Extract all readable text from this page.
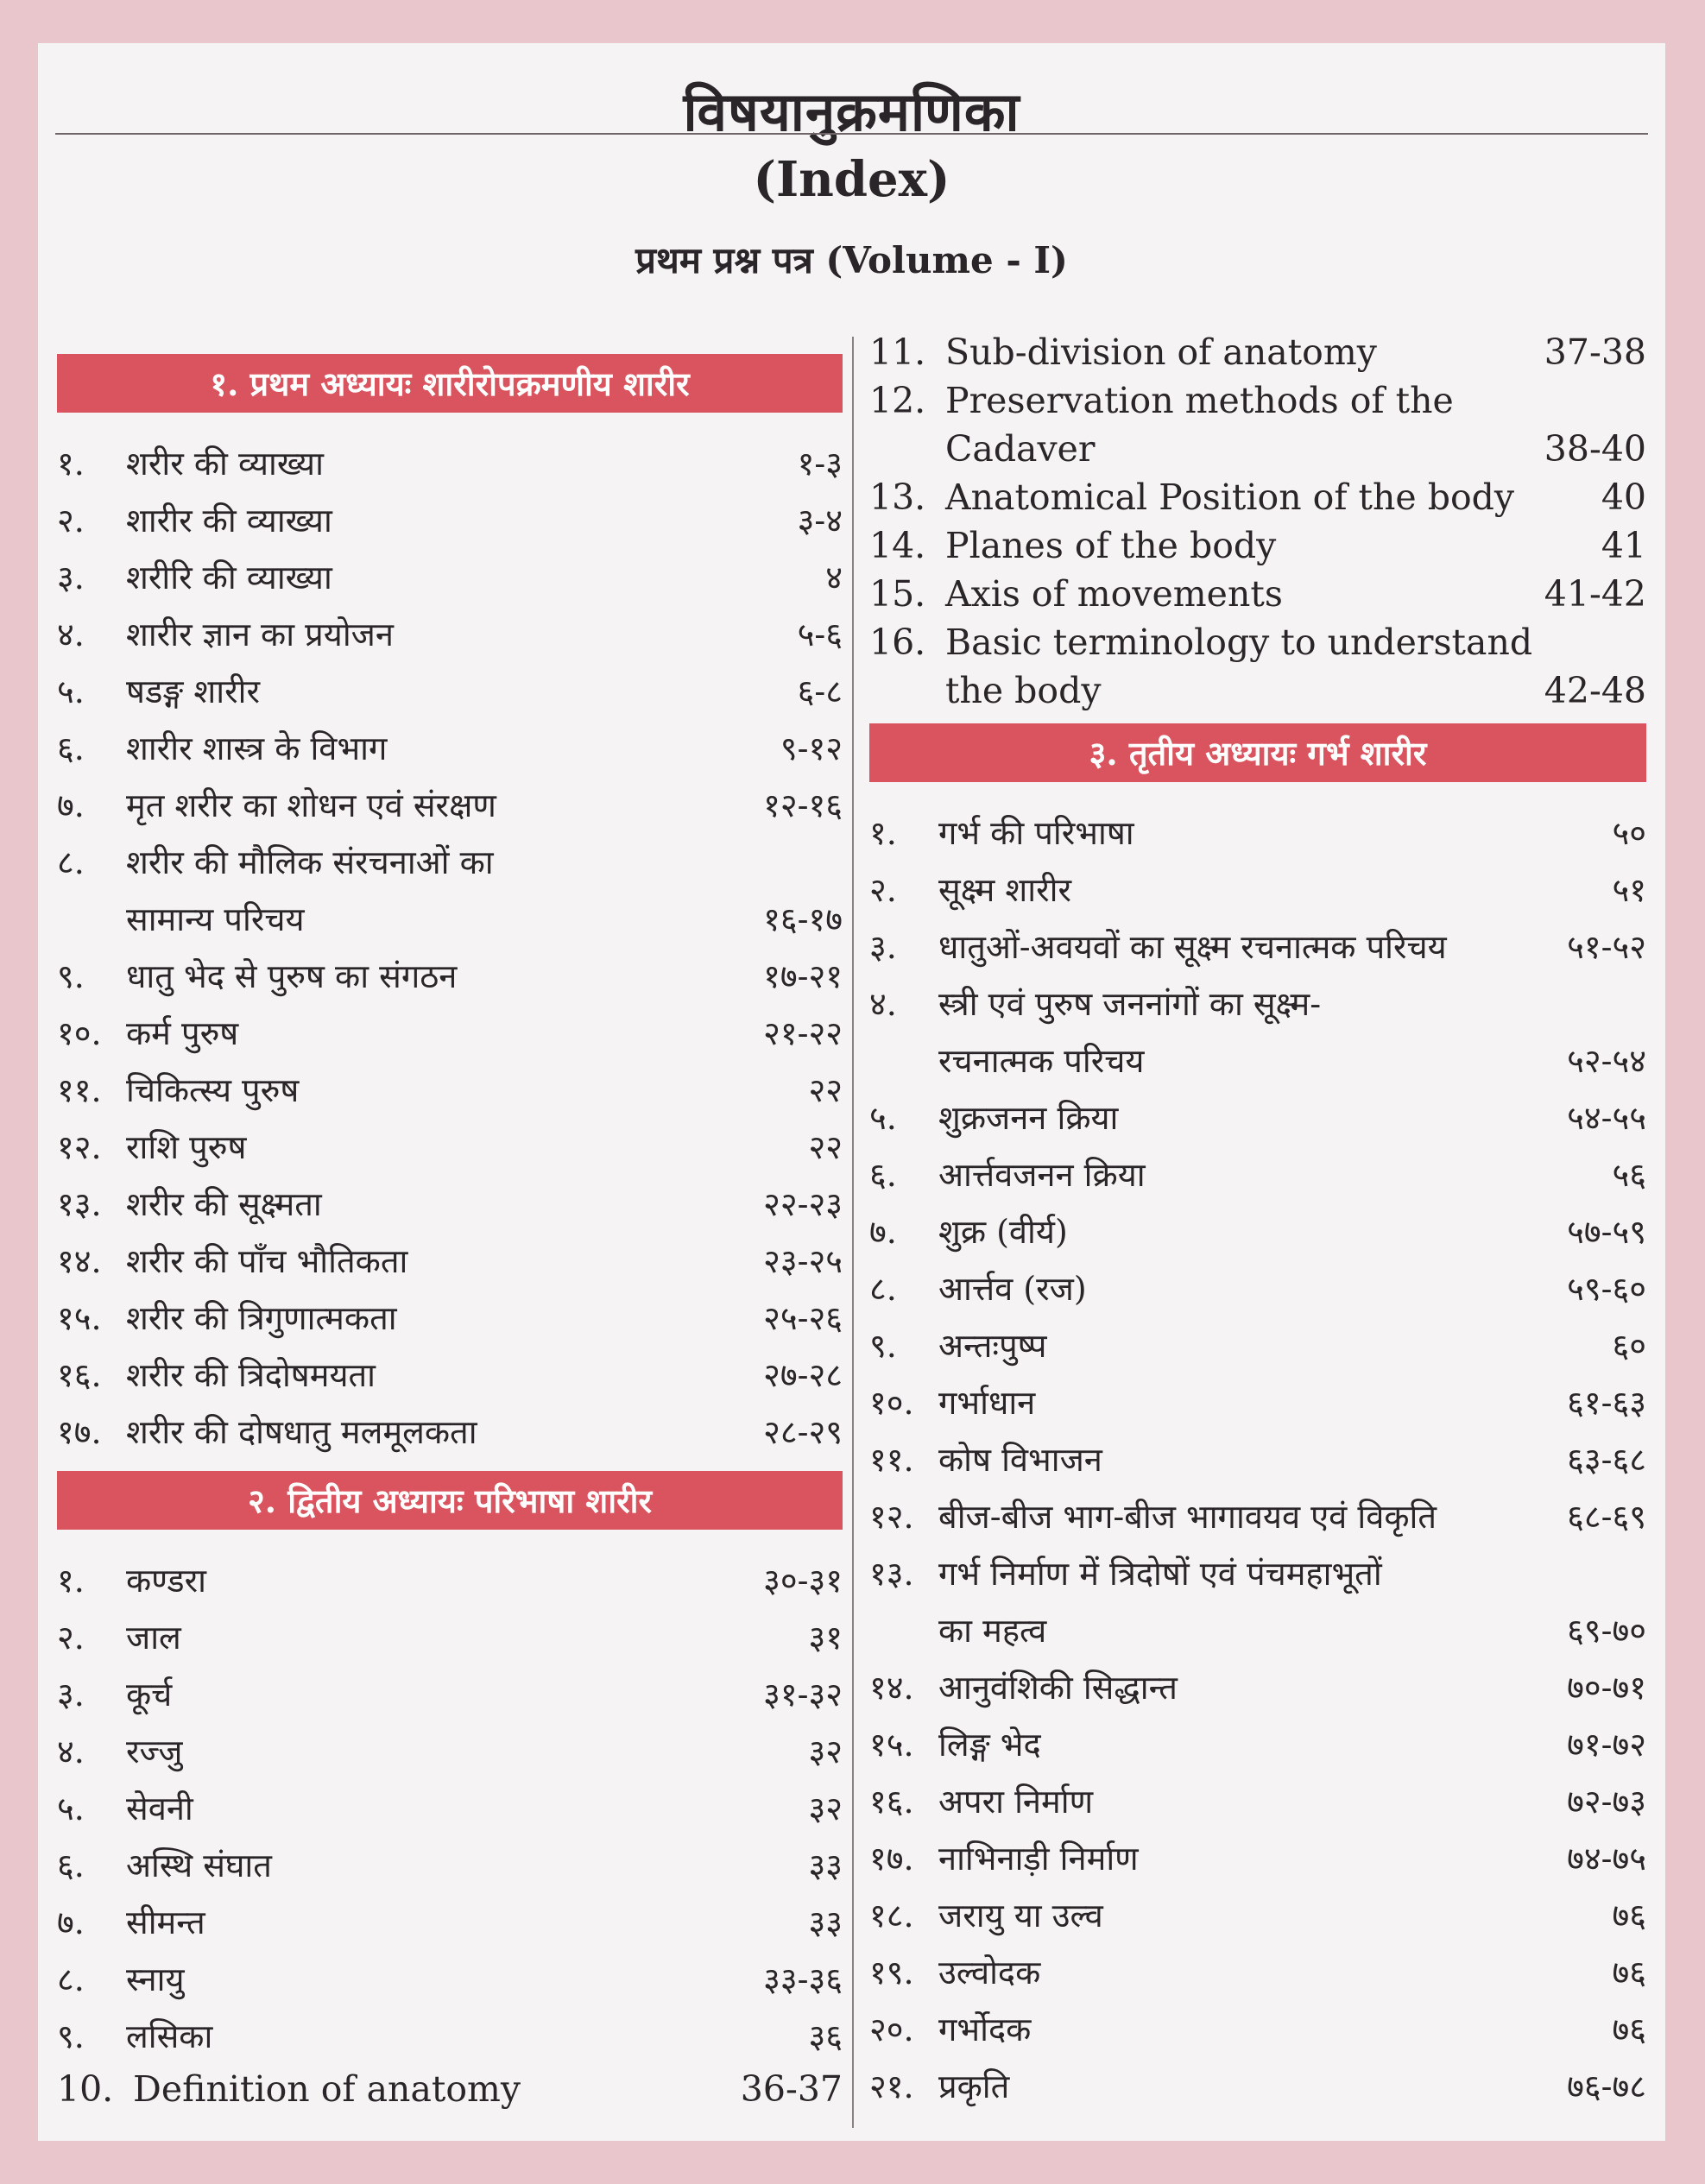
विषयानुक्रमणिका
(Index)
प्रथम प्रश्न पत्र (Volume - I)
१. प्रथम अध्यायः शारीरोपक्रमणीय शारीर
१.	शरीर की व्याख्या	१-३
२.	शारीर की व्याख्या	३-४
३.	शरीरि की व्याख्या	४
४.	शारीर ज्ञान का प्रयोजन	५-६
५.	षडङ्ग शारीर	६-८
६.	शारीर शास्त्र के विभाग	९-१२
७.	मृत शरीर का शोधन एवं संरक्षण	१२-१६
८.	शरीर की मौलिक संरचनाओं का
सामान्य परिचय	१६-१७
९.	धातु भेद से पुरुष का संगठन	१७-२१
१०. कर्म पुरुष	२१-२२
११. चिकित्स्य पुरुष	२२
१२. राशि पुरुष	२२
१३. शरीर की सूक्ष्मता	२२-२३
१४. शरीर की पाँच भौतिकता	२३-२५
१५. शरीर की त्रिगुणात्मकता	२५-२६
१६. शरीर की त्रिदोषमयता	२७-२८
१७. शरीर की दोषधातु मलमूलकता	२८-२९
२. द्वितीय अध्यायः परिभाषा शारीर
१.	कण्डरा	३०-३१
२.	जाल	३१
३.	कूर्च	३१-३२
४.	रज्जु	३२
५.	सेवनी	३२
६.	अस्थि संघात	३३
७.	सीमन्त	३३
८.	स्नायु	३३-३६
९.	लसिका	३६
10. Definition of anatomy	36-37
11. Sub-division of anatomy	37-38
12. Preservation methods of the
Cadaver	38-40
13. Anatomical Position of the body	40
14. Planes of the body	41
15. Axis of movements	41-42
16. Basic terminology to understand
the body	42-48
३. तृतीय अध्यायः गर्भ शारीर
१.	गर्भ की परिभाषा	५०
२.	सूक्ष्म शारीर	५१
३.	धातुओं-अवयवों का सूक्ष्म रचनात्मक परिचय	५१-५२
४.	स्त्री एवं पुरुष जननांगों का सूक्ष्म-
रचनात्मक परिचय	५२-५४
५.	शुक्रजनन क्रिया	५४-५५
६.	आर्त्तवजनन क्रिया	५६
७.	शुक्र (वीर्य)	५७-५९
८.	आर्त्तव (रज)	५९-६०
९.	अन्तःपुष्प	६०
१०. गर्भाधान	६१-६३
११. कोष विभाजन	६३-६८
१२. बीज-बीज भाग-बीज भागावयव एवं विकृति	६८-६९
१३. गर्भ निर्माण में त्रिदोषों एवं पंचमहाभूतों
का महत्व	६९-७०
१४. आनुवंशिकी सिद्धान्त	७०-७१
१५. लिङ्ग भेद	७१-७२
१६. अपरा निर्माण	७२-७३
१७. नाभिनाड़ी निर्माण	७४-७५
१८. जरायु या उल्व	७६
१९. उल्वोदक	७६
२०. गर्भोदक	७६
२१. प्रकृति	७६-७८
